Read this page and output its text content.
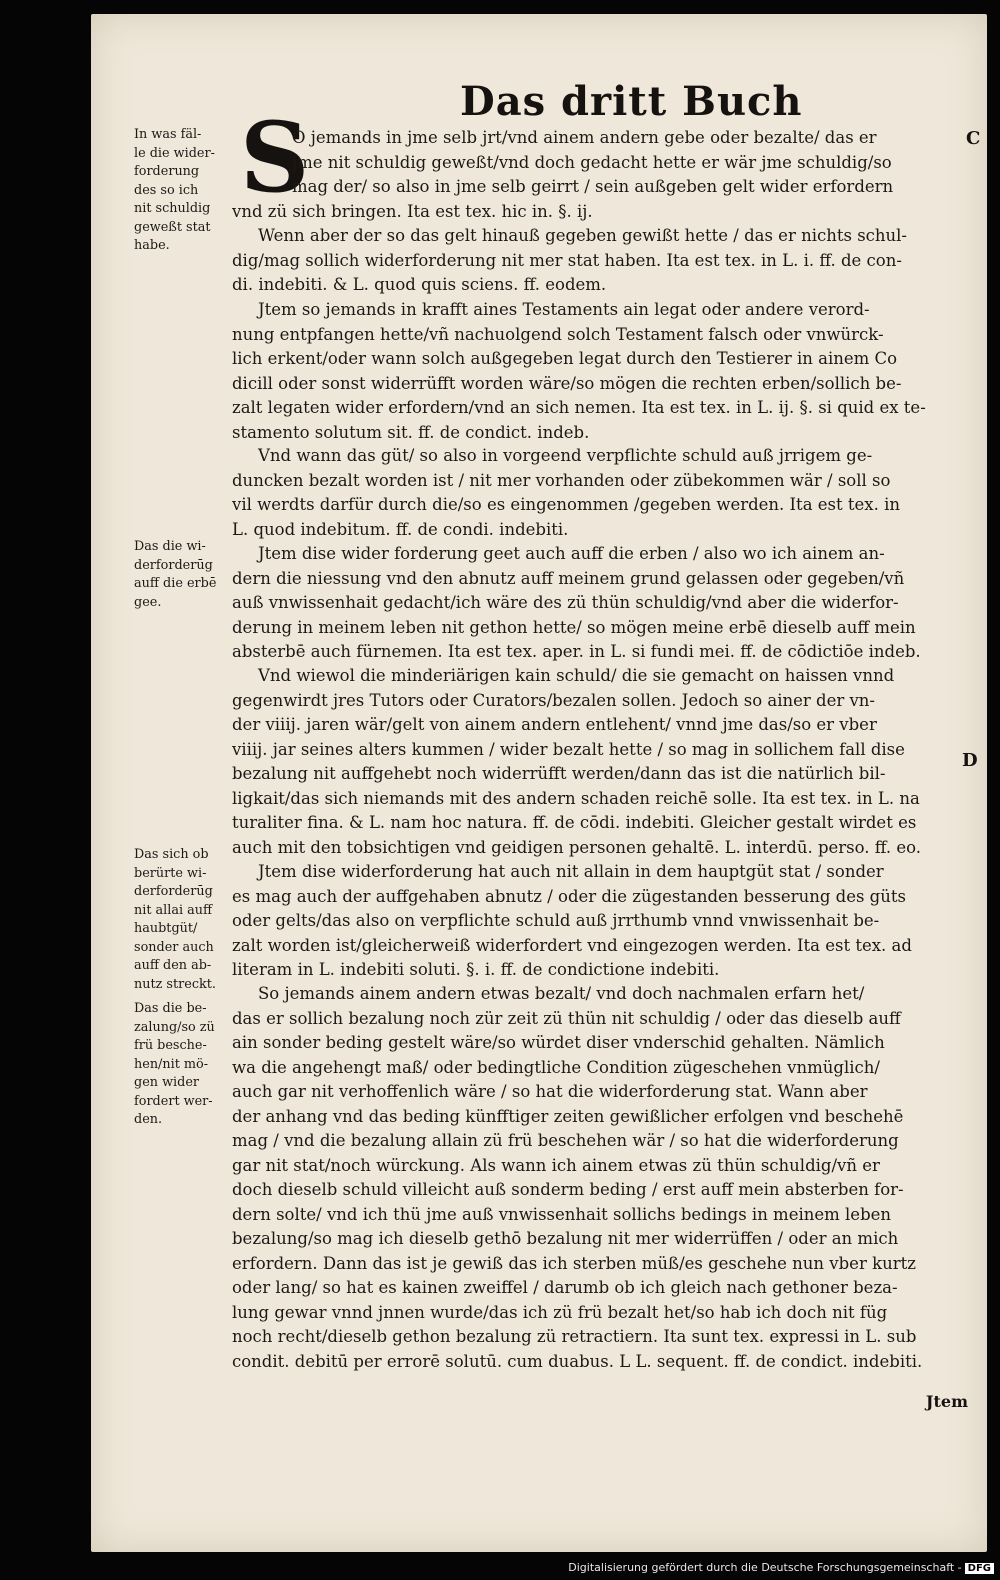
Das dritt Buch
S	C
D
In was fäl-
le die wider-
forderung
des so ich
nit schuldig
geweßt stat
habe.
Das die wi-
derforderūg
auff die erbē
gee.
Das sich ob
berürte wi-
derforderūg
nit allai auff
haubtgüt/
sonder auch
auff den ab-
nutz streckt.
Das die be-
zalung/so zü
frü besche-
hen/nit mö-
gen wider
fordert wer-
den.
O jemands in jme selb jrt/vnd ainem andern gebe oder bezalte/ das er
jme nit schuldig geweßt/vnd doch gedacht hette er wär jme schuldig/so
mag der/ so also in jme selb geirrt / sein außgeben gelt wider erfordern
vnd zü sich bringen. Ita est tex. hic in. §. ij.
Wenn aber der so das gelt hinauß gegeben gewißt hette / das er nichts schul-
dig/mag sollich widerforderung nit mer stat haben. Ita est tex. in L. i. ff. de con-
di. indebiti. & L. quod quis sciens. ff. eodem.
Jtem so jemands in krafft aines Testaments ain legat oder andere verord-
nung entpfangen hette/vñ nachuolgend solch Testament falsch oder vnwürck-
lich erkent/oder wann solch außgegeben legat durch den Testierer in ainem Co
dicill oder sonst widerrüfft worden wäre/so mögen die rechten erben/sollich be-
zalt legaten wider erfordern/vnd an sich nemen. Ita est tex. in L. ij. §. si quid ex te-
stamento solutum sit. ff. de condict. indeb.
Vnd wann das güt/ so also in vorgeend verpflichte schuld auß jrrigem ge-
duncken bezalt worden ist / nit mer vorhanden oder zübekommen wär / soll so
vil werdts darfür durch die/so es eingenommen /gegeben werden. Ita est tex. in
L. quod indebitum. ff. de condi. indebiti.
Jtem dise wider forderung geet auch auff die erben / also wo ich ainem an-
dern die niessung vnd den abnutz auff meinem grund gelassen oder gegeben/vñ
auß vnwissenhait gedacht/ich wäre des zü thün schuldig/vnd aber die widerfor-
derung in meinem leben nit gethon hette/ so mögen meine erbē dieselb auff mein
absterbē auch fürnemen. Ita est tex. aper. in L. si fundi mei. ff. de cōdictiōe indeb.
Vnd wiewol die minderiärigen kain schuld/ die sie gemacht on haissen vnnd
gegenwirdt jres Tutors oder Curators/bezalen sollen. Jedoch so ainer der vn-
der viiij. jaren wär/gelt von ainem andern entlehent/ vnnd jme das/so er vber
viiij. jar seines alters kummen / wider bezalt hette / so mag in sollichem fall dise
bezalung nit auffgehebt noch widerrüfft werden/dann das ist die natürlich bil-
ligkait/das sich niemands mit des andern schaden reichē solle. Ita est tex. in L. na
turaliter fina. & L. nam hoc natura. ff. de cōdi. indebiti. Gleicher gestalt wirdet es
auch mit den tobsichtigen vnd geidigen personen gehaltē. L. interdū. perso. ff. eo.
Jtem dise widerforderung hat auch nit allain in dem hauptgüt stat / sonder
es mag auch der auffgehaben abnutz / oder die zügestanden besserung des güts
oder gelts/das also on verpflichte schuld auß jrrthumb vnnd vnwissenhait be-
zalt worden ist/gleicherweiß widerfordert vnd eingezogen werden. Ita est tex. ad
literam in L. indebiti soluti. §. i. ff. de condictione indebiti.
So jemands ainem andern etwas bezalt/ vnd doch nachmalen erfarn het/
das er sollich bezalung noch zür zeit zü thün nit schuldig / oder das dieselb auff
ain sonder beding gestelt wäre/so würdet diser vnderschid gehalten. Nämlich
wa die angehengt maß/ oder bedingtliche Condition zügeschehen vnmüglich/
auch gar nit verhoffenlich wäre / so hat die widerforderung stat. Wann aber
der anhang vnd das beding künfftiger zeiten gewißlicher erfolgen vnd beschehē
mag / vnd die bezalung allain zü frü beschehen wär / so hat die widerforderung
gar nit stat/noch würckung. Als wann ich ainem etwas zü thün schuldig/vñ er
doch dieselb schuld villeicht auß sonderm beding / erst auff mein absterben for-
dern solte/ vnd ich thü jme auß vnwissenhait sollichs bedings in meinem leben
bezalung/so mag ich dieselb gethō bezalung nit mer widerrüffen / oder an mich
erfordern. Dann das ist je gewiß das ich sterben müß/es geschehe nun vber kurtz
oder lang/ so hat es kainen zweiffel / darumb ob ich gleich nach gethoner beza-
lung gewar vnnd jnnen wurde/das ich zü frü bezalt het/so hab ich doch nit füg
noch recht/dieselb gethon bezalung zü retractiern. Ita sunt tex. expressi in L. sub
condit. debitū per errorē solutū. cum duabus. L L. sequent. ff. de condict. indebiti.
Jtem
Digitalisierung gefördert durch die Deutsche Forschungsgemeinschaft - DFG
